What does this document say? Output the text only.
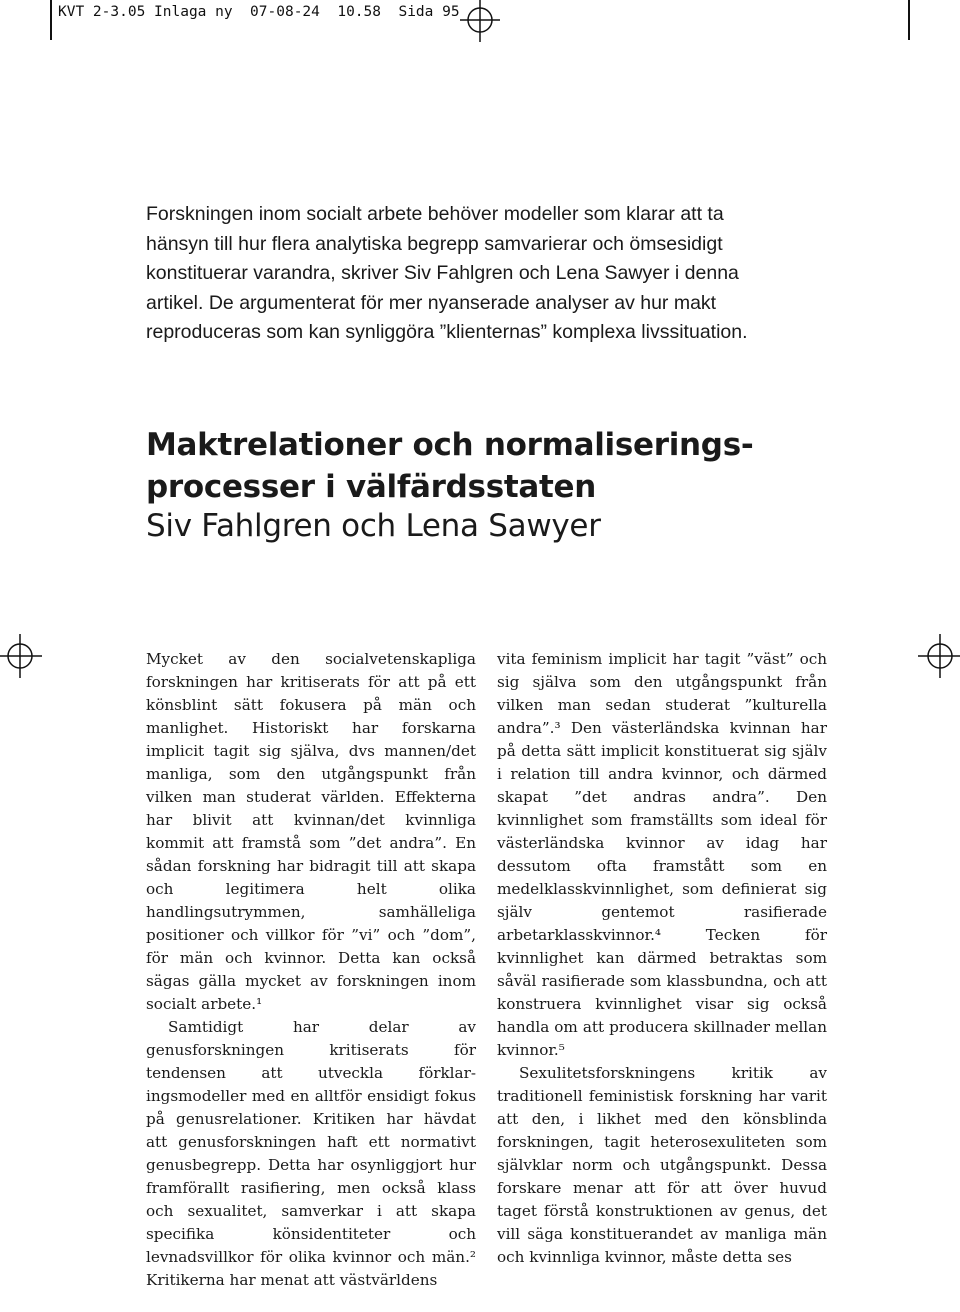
KVT 2-3.05 Inlaga ny  07-08-24  10.58  Sida 95

Forskningen inom socialt arbete behöver modeller som klarar att ta hänsyn till hur flera analytiska begrepp samvarierar och ömsesidigt konstituerar varandra, skriver Siv Fahlgren och Lena Sawyer i denna artikel. De argumenterat för mer nyanserade analyser av hur makt reproduceras som kan synliggöra ”klienternas” komplexa livssituation.

Maktrelationer och normaliserings-
processer i välfärdsstaten
Siv Fahlgren och Lena Sawyer

Mycket av den socialvetenskapliga forskningen har kritiserats för att på ett könsblint sätt fokusera på män och manlighet. Historiskt har forskarna implicit tagit sig själva, dvs mannen/det manliga, som den utgångspunkt från vilken man studerat världen. Effekterna har blivit att kvinnan/det kvinnliga kommit att framstå som ”det andra”. En sådan forskning har bidragit till att skapa och legitimera helt olika handlingsutrymmen, samhälleliga positioner och villkor för ”vi” och ”dom”, för män och kvinnor. Detta kan också sägas gälla mycket av forskningen inom socialt arbete.¹

Samtidigt har delar av genusforskningen kritiserats för tendensen att utveckla förklaringsmodeller med en alltför ensidigt fokus på genusrelationer. Kritiken har hävdat att genusforskningen haft ett normativt genusbegrepp. Detta har osynliggjort hur framförallt rasifiering, men också klass och sexualitet, samverkar i att skapa specifika könsidentiteter och levnadsvillkor för olika kvinnor och män.² Kritikerna har menat att västvärldens

vita feminism implicit har tagit ”väst” och sig själva som den utgångspunkt från vilken man sedan studerat ”kulturella andra”.³ Den västerländska kvinnan har på detta sätt implicit konstituerat sig själv i relation till andra kvinnor, och därmed skapat ”det andras andra”. Den kvinnlighet som framställts som ideal för västerländska kvinnor av idag har dessutom ofta framstått som en medelklasskvinnlighet, som definierat sig själv gentemot rasifierade arbetarklasskvinnor.⁴ Tecken för kvinnlighet kan därmed betraktas som såväl rasifierade som klassbundna, och att konstruera kvinnlighet visar sig också handla om att producera skillnader mellan kvinnor.⁵

Sexulitetsforskningens kritik av traditionell feministisk forskning har varit att den, i likhet med den könsblinda forskningen, tagit heterosexuliteten som självklar norm och utgångspunkt. Dessa forskare menar att för att över huvud taget förstå konstruktionen av genus, det vill säga konstituerandet av manliga män och kvinnliga kvinnor, måste detta ses
